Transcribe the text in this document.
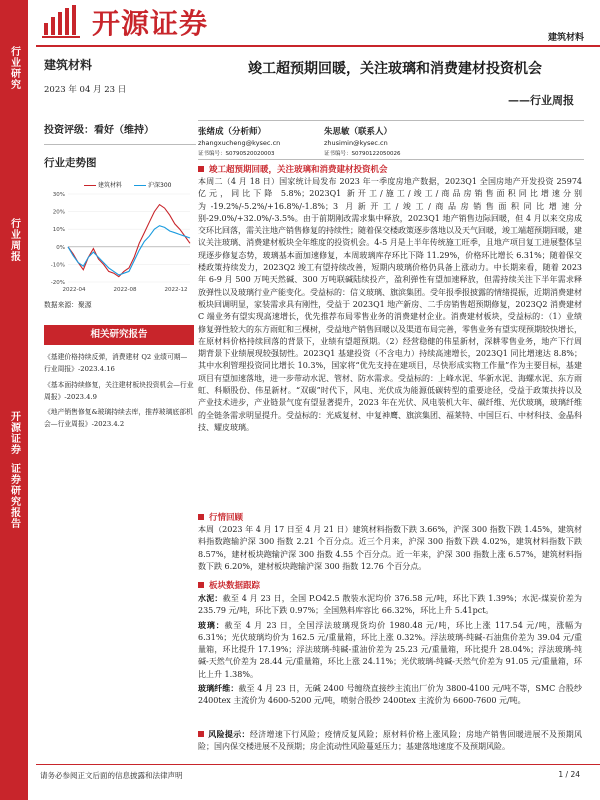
行业研究
行业周报
开源证券
证券研究报告
开源证券	建筑材料
建筑材料
2023 年 04 月 23 日
投资评级：看好（维持）
行业走势图
建筑材料	沪深300
30%
20%
10%
0%
-10%
-20%
2022-04	2022-08	2022-12
数据来源：聚源
相关研究报告
《基建价格持续反弹，消费建材 Q2 业绩可期—行业周报》-2023.4.16
《基本面持续修复，关注建材板块投资机会—行业周报》-2023.4.9
《地产销售修复&玻璃持续去库，推荐玻璃底部机会—行业周报》-2023.4.2
竣工超预期回暖，关注玻璃和消费建材投资机会
——行业周报
张绪成（分析师）
zhangxucheng@kysec.cn
证书编号：S0790520020003
朱思敏（联系人）
zhusimin@kysec.cn
证书编号：S0790122050026
竣工超预期回暖，关注玻璃和消费建材投资机会
本周二（4 月 18 日）国家统计局发布 2023 年一季度房地产数据，2023Q1 全国房地产开发投资 25974 亿元，同比下降 5.8%；2023Q1 新开工/施工/竣工/商品房销售面积同比增速分别为-19.2%/-5.2%/+16.8%/-1.8%；3 月新开工/竣工/商品房销售面积同比增速分别-29.0%/+32.0%/-3.5%。由于前期刚改需求集中释放，2023Q1 地产销售边际回暖，但 4 月以来交房成交环比回落，需关注地产销售修复的持续性；随着保交楼政策逐步落地以及天气回暖，竣工端超预期回暖，建议关注玻璃、消费建材板块全年维度的投资机会。4-5 月是上半年传统施工旺季，且地产项目复工进展整体呈现逐步修复态势，玻璃基本面加速修复，本周玻璃库存环比下降 11.29%，价格环比增长 6.31%；随着保交楼政策持续发力，2023Q2 竣工有望持续改善，短期内玻璃价格仍具备上涨动力。中长期来看，随着 2023 年 6-9 月 500 万吨天然碱、300 万吨联碱陆续投产，盈利弹性有望加速释放，但需持续关注下半年需求释放弹性以及玻璃行业产能变化。受益标的：信义玻璃、旗滨集团。受年报季报披露的情绪提振，近期消费建材板块回调明显，家装需求具有刚性，受益于 2023Q1 地产新房、二手房销售超预期修复，2023Q2 消费建材 C 端业务有望实现高速增长，优先推荐布局零售业务的消费建材企业。消费建材板块，受益标的：（1）业绩修复弹性较大的东方雨虹和三棵树，受益地产销售回暖以及渠道布局完善，零售业务有望实现预期较快增长，在原材料价格持续回落的背景下，业绩有望超预期。（2）经营稳健的伟星新材，深耕零售业务，地产下行周期背景下业绩展现较强韧性。2023Q1 基建投资（不含电力）持续高速增长，2023Q1 同比增速达 8.8%；其中水利管理投资同比增长 10.3%，国家将“优先支持在建项目，尽快形成实物工作量”作为主要目标，基建项目有望加速落地，进一步带动水泥、管材、防水需求。受益标的：上峰水泥、华新水泥、海螺水泥、东方雨虹、科顺股份、伟星新材。“双碳”时代下，风电、光伏成为能源低碳转型的重要途径，受益于政策扶持以及产业技术进步，产业链景气度有望显著提升，2023 年在光伏、风电装机大年、碳纤维、光伏玻璃，玻璃纤维的全链条需求明显提升。受益标的：光威复材、中复神鹰、旗滨集团、福莱特、中国巨石、中材科技、金晶科技、耀皮玻璃。
行情回顾
本周（2023 年 4 月 17 日至 4 月 21 日）建筑材料指数下跌 3.66%，沪深 300 指数下跌 1.45%，建筑材料指数跑输沪深 300 指数 2.21 个百分点。近三个月来，沪深 300 指数下跌 4.02%，建筑材料指数下跌 8.57%，建材板块跑输沪深 300 指数 4.55 个百分点。近一年来，沪深 300 指数上涨 6.57%，建筑材料指数下跌 6.20%，建材板块跑输沪深 300 指数 12.76 个百分点。
板块数据跟踪
水泥：截至 4 月 23 日，全国 P.O42.5 散装水泥均价 376.58 元/吨，环比下跌 1.39%；水泥-煤炭价差为 235.79 元/吨，环比下跌 0.97%；全国熟料库容比 66.32%，环比上升 5.41pct。
玻璃：截至 4 月 23 日，全国浮法玻璃现货均价 1980.48 元/吨，环比上涨 117.54 元/吨，涨幅为 6.31%；光伏玻璃均价为 162.5 元/重量箱，环比上涨 0.32%。浮法玻璃-纯碱-石油焦价差为 39.04 元/重量箱，环比提升 17.19%；浮法玻璃-纯碱-重油价差为 25.23 元/重量箱，环比提升 28.04%；浮法玻璃-纯碱-天然气价差为 28.44 元/重量箱，环比上涨 24.11%；光伏玻璃-纯碱-天然气价差为 91.05 元/重量箱，环比上升 1.38%。
玻璃纤维：截至 4 月 23 日，无碱 2400 号缠绕直接纱主流出厂价为 3800-4100 元/吨不等，SMC 合股纱 2400tex 主流价为 4600-5200 元/吨，喷射合股纱 2400tex 主流价为 6600-7600 元/吨。
风险提示：经济增速下行风险；疫情反复风险；原材料价格上涨风险；房地产销售回暖进展不及预期风险；国内保交楼进展不及预期；房企流动性风险蔓延压力；基建落地速度不及预期风险。
请务必参阅正文后面的信息披露和法律声明	1 / 24
